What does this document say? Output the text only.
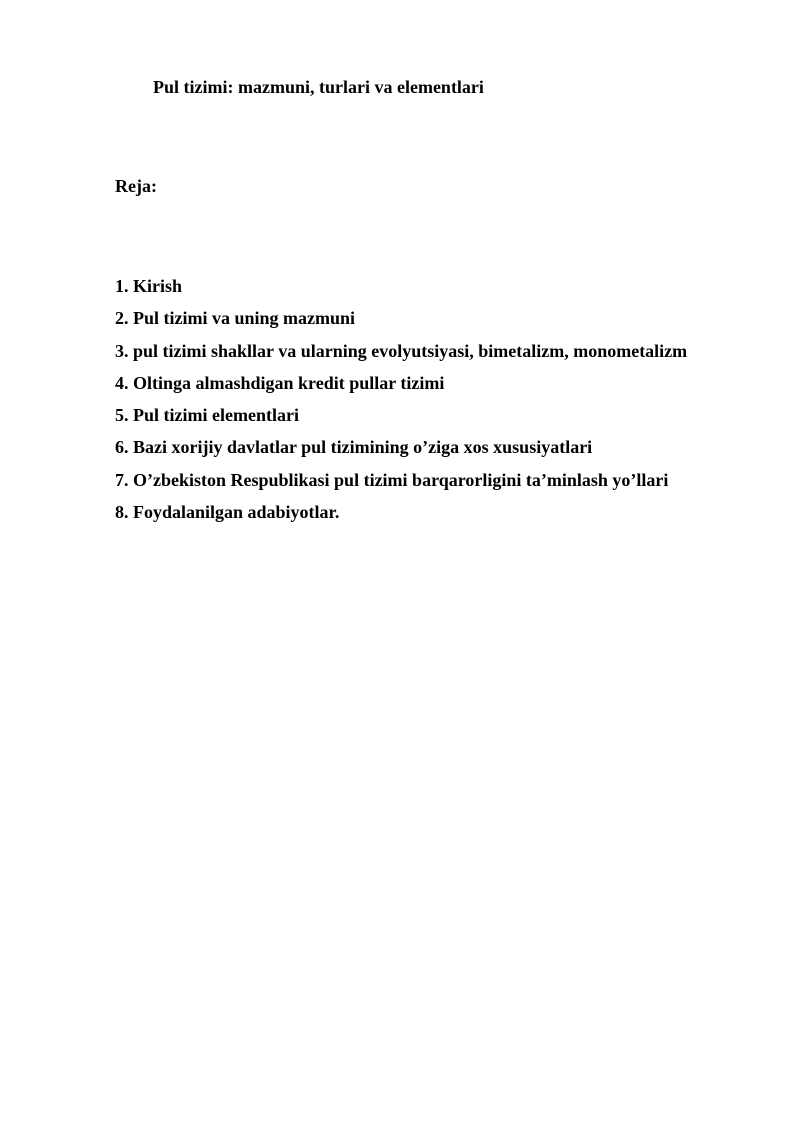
Pul tizimi: mazmuni, turlari va elementlari
Reja:
1. Kirish
2. Pul tizimi va uning mazmuni
3. pul tizimi shakllar va ularning evolyutsiyasi, bimetalizm, monometalizm
4. Oltinga almashdigan kredit pullar tizimi
5. Pul tizimi elementlari
6. Bazi xorijiy davlatlar pul tizimining o’ziga xos xususiyatlari
7. O’zbekiston Respublikasi pul tizimi barqarorligini ta’minlash yo’llari
8. Foydalanilgan adabiyotlar.
